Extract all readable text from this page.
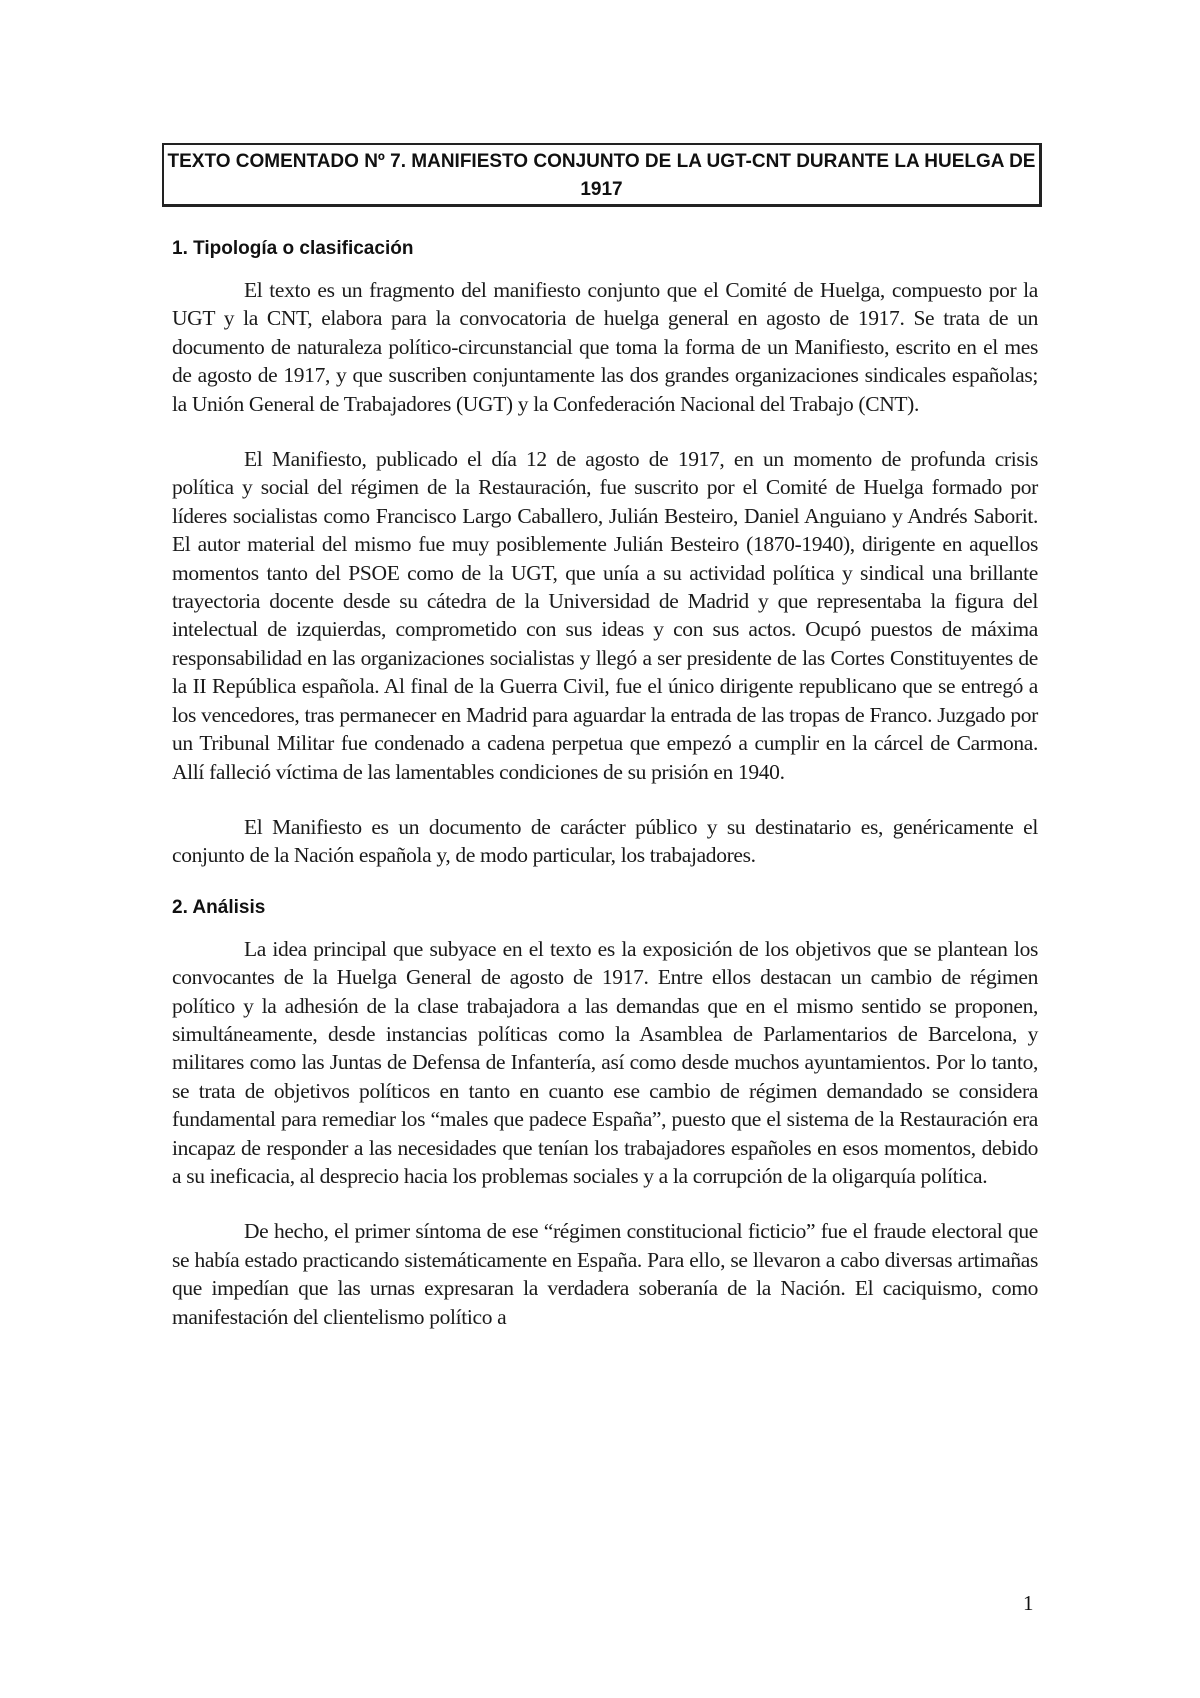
TEXTO COMENTADO Nº 7. MANIFIESTO CONJUNTO DE LA UGT-CNT DURANTE LA HUELGA DE 1917
1. Tipología o clasificación

El texto es un fragmento del manifiesto conjunto que el Comité de Huelga, compuesto por la UGT y la CNT, elabora para la convocatoria de huelga general en agosto de 1917. Se trata de un documento de naturaleza político-circunstancial que toma la forma de un Manifiesto, escrito en el mes de agosto de 1917, y que suscriben conjuntamente las dos grandes organizaciones sindicales españolas; la Unión General de Trabajadores (UGT) y la Confederación Nacional del Trabajo (CNT).

El Manifiesto, publicado el día 12 de agosto de 1917, en un momento de profunda crisis política y social del régimen de la Restauración, fue suscrito por el Comité de Huelga formado por líderes socialistas como Francisco Largo Caballero, Julián Besteiro, Daniel Anguiano y Andrés Saborit. El autor material del mismo fue muy posiblemente Julián Besteiro (1870-1940), dirigente en aquellos momentos tanto del PSOE como de la UGT, que unía a su actividad política y sindical una brillante trayectoria docente desde su cátedra de la Universidad de Madrid y que representaba la figura del intelectual de izquierdas, comprometido con sus ideas y con sus actos. Ocupó puestos de máxima responsabilidad en las organizaciones socialistas y llegó a ser presidente de las Cortes Constituyentes de la II República española. Al final de la Guerra Civil, fue el único dirigente republicano que se entregó a los vencedores, tras permanecer en Madrid para aguardar la entrada de las tropas de Franco. Juzgado por un Tribunal Militar fue condenado a cadena perpetua que empezó a cumplir en la cárcel de Carmona. Allí falleció víctima de las lamentables condiciones de su prisión en 1940.

El Manifiesto es un documento de carácter público y su destinatario es, genéricamente el conjunto de la Nación española y, de modo particular, los trabajadores.

2. Análisis

La idea principal que subyace en el texto es la exposición de los objetivos que se plantean los convocantes de la Huelga General de agosto de 1917. Entre ellos destacan un cambio de régimen político y la adhesión de la clase trabajadora a las demandas que en el mismo sentido se proponen, simultáneamente, desde instancias políticas como la Asamblea de Parlamentarios de Barcelona, y militares como las Juntas de Defensa de Infantería, así como desde muchos ayuntamientos. Por lo tanto, se trata de objetivos políticos en tanto en cuanto ese cambio de régimen demandado se considera fundamental para remediar los “males que padece España”, puesto que el sistema de la Restauración era incapaz de responder a las necesidades que tenían los trabajadores españoles en esos momentos, debido a su ineficacia, al desprecio hacia los problemas sociales y a la corrupción de la oligarquía política.

De hecho, el primer síntoma de ese “régimen constitucional ficticio” fue el fraude electoral que se había estado practicando sistemáticamente en España. Para ello, se llevaron a cabo diversas artimañas que impedían que las urnas expresaran la verdadera soberanía de la Nación. El caciquismo, como manifestación del clientelismo político a

1
